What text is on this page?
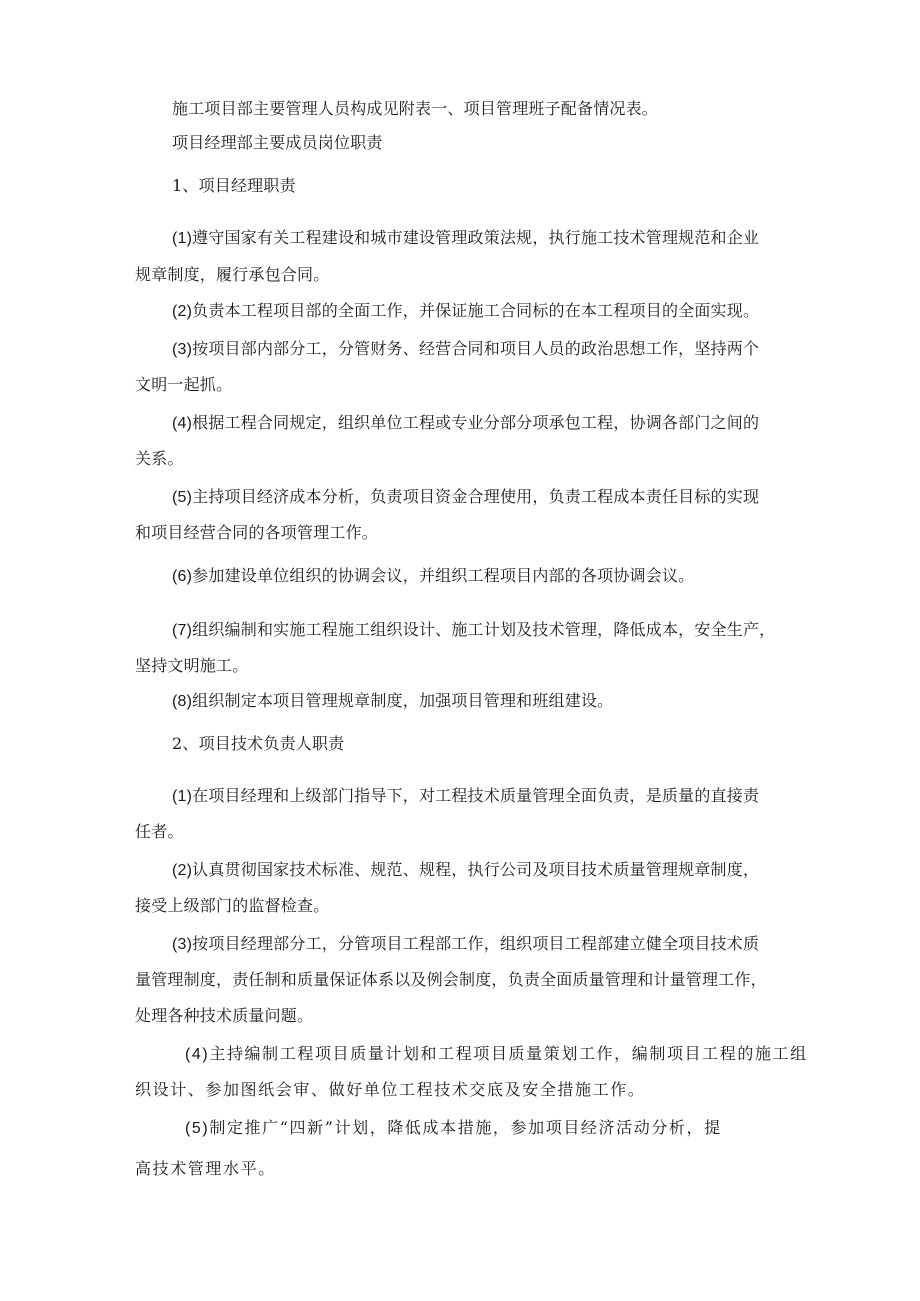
施工项目部主要管理人员构成见附表一、项目管理班子配备情况表。
项目经理部主要成员岗位职责
1、项目经理职责
(1)遵守国家有关工程建设和城市建设管理政策法规，执行施工技术管理规范和企业
规章制度，履行承包合同。
(2)负责本工程项目部的全面工作，并保证施工合同标的在本工程项目的全面实现。
(3)按项目部内部分工，分管财务、经营合同和项目人员的政治思想工作，坚持两个
文明一起抓。
(4)根据工程合同规定，组织单位工程或专业分部分项承包工程，协调各部门之间的
关系。
(5)主持项目经济成本分析，负责项目资金合理使用，负责工程成本责任目标的实现
和项目经营合同的各项管理工作。
(6)参加建设单位组织的协调会议，并组织工程项目内部的各项协调会议。
(7)组织编制和实施工程施工组织设计、施工计划及技术管理，降低成本，安全生产，
坚持文明施工。
(8)组织制定本项目管理规章制度，加强项目管理和班组建设。
2、项目技术负责人职责
(1)在项目经理和上级部门指导下，对工程技术质量管理全面负责，是质量的直接责
任者。
(2)认真贯彻国家技术标准、规范、规程，执行公司及项目技术质量管理规章制度，
接受上级部门的监督检查。
(3)按项目经理部分工，分管项目工程部工作，组织项目工程部建立健全项目技术质
量管理制度，责任制和质量保证体系以及例会制度，负责全面质量管理和计量管理工作，
处理各种技术质量问题。
(4)主持编制工程项目质量计划和工程项目质量策划工作，编制项目工程的施工组
织设计、参加图纸会审、做好单位工程技术交底及安全措施工作。
(5)制定推广“四新”计划，降低成本措施，参加项目经济活动分析，提
高技术管理水平。
